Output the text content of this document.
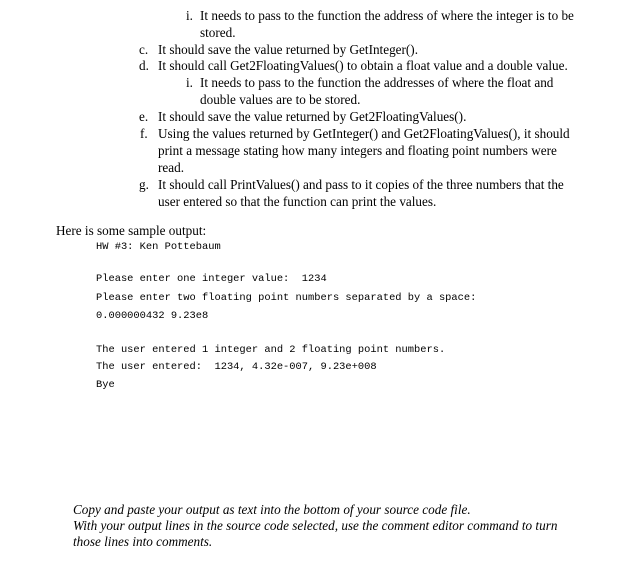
i. It needs to pass to the function the address of where the integer is to be
stored.
c. It should save the value returned by GetInteger().
d. It should call Get2FloatingValues() to obtain a float value and a double value.
i. It needs to pass to the function the addresses of where the float and
double values are to be stored.
e. It should save the value returned by Get2FloatingValues().
f. Using the values returned by GetInteger() and Get2FloatingValues(), it should
print a message stating how many integers and floating point numbers were
read.
g. It should call PrintValues() and pass to it copies of the three numbers that the
user entered so that the function can print the values.
Here is some sample output:
HW #3: Ken Pottebaum
Please enter one integer value:  1234
Please enter two floating point numbers separated by a space:
0.000000432 9.23e8
The user entered 1 integer and 2 floating point numbers.
The user entered:  1234, 4.32e-007, 9.23e+008
Bye
Copy and paste your output as text into the bottom of your source code file.
With your output lines in the source code selected, use the comment editor command to turn
those lines into comments.
